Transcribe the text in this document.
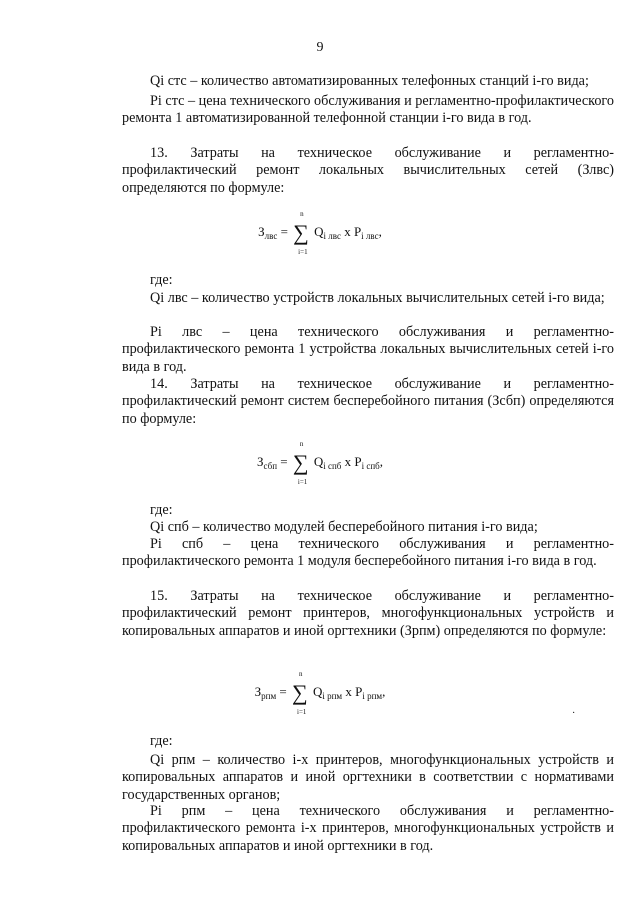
9

Qi стс – количество автоматизированных телефонных станций i-го вида;

Pi стс – цена технического обслуживания и регламентно-профилактического ремонта 1 автоматизированной телефонной станции i-го вида в год.

13. Затраты на техническое обслуживание и регламентно-профилактический ремонт локальных вычислительных сетей (Злвс) определяются по формуле:

$З_{лвс}$ = ∑
n
i=1
$Q_{i лвс}$ x $P_{i лвс}$,

где:

Qi лвс – количество устройств локальных вычислительных сетей i-го вида;

Pi лвс – цена технического обслуживания и регламентно-профилактического ремонта 1 устройства локальных вычислительных сетей i-го вида в год.

14. Затраты на техническое обслуживание и регламентно-профилактический ремонт систем бесперебойного питания (Зсбп) определяются по формуле:

$З_{сбп}$ = ∑
n
i=1
$Q_{i спб}$ x $P_{i спб}$,

где:

Qi спб – количество модулей бесперебойного питания i-го вида;

Pi спб – цена технического обслуживания и регламентно-профилактического ремонта 1 модуля бесперебойного питания i-го вида в год.

15. Затраты на техническое обслуживание и регламентно-профилактический ремонт принтеров, многофункциональных устройств и копировальных аппаратов и иной оргтехники (Зрпм) определяются по формуле:

$З_{рпм}$ = ∑
n
i=1
$Q_{i рпм}$ x $P_{i рпм}$,
·

где:

Qi рпм – количество i-х принтеров, многофункциональных устройств и копировальных аппаратов и иной оргтехники в соответствии с нормативами государственных органов;

Pi рпм – цена технического обслуживания и регламентно-профилактического ремонта i-х принтеров, многофункциональных устройств и копировальных аппаратов и иной оргтехники в год.
